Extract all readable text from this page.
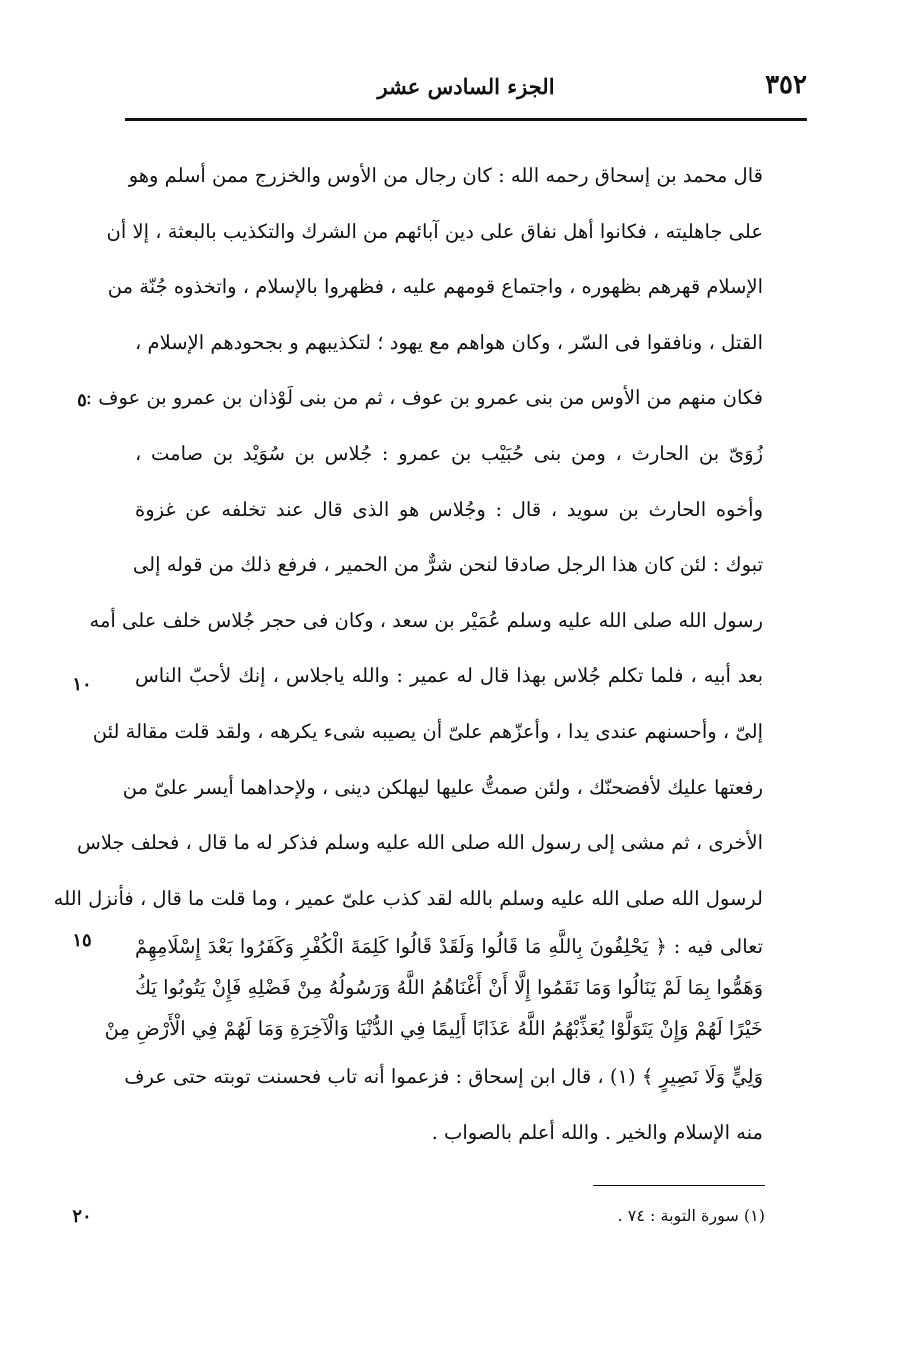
٣٥٢
الجزء السادس عشر
قال محمد بن إسحاق رحمه الله : كان رجال من الأوس والخزرج ممن أسلم وهو
على جاهليته ، فكانوا أهل نفاق على دين آبائهم من الشرك والتكذيب بالبعثة ، إلا أن
الإسلام قهرهم بظهوره ، واجتماع قومهم عليه ، فظهروا بالإسلام ، واتخذوه جُنّة من
القتل ، ونافقوا فى السّر ، وكان هواهم مع يهود ؛ لتكذيبهم و بجحودهم الإسلام ،
فكان منهم من الأوس من بنى عمرو بن عوف ، ثم من بنى لَوْذان بن عمرو بن عوف :
زُوَىّ بن الحارث ، ومن بنى حُبَيْب بن عمرو : جُلاس بن سُوَيْد بن صامت ،
وأخوه الحارث بن سويد ، قال : وجُلاس هو الذى قال عند تخلفه عن غزوة
تبوك : لئن كان هذا الرجل صادقا لنحن شرٌّ من الحمير ، فرفع ذلك من قوله إلى
رسول الله صلى الله عليه وسلم عُمَيْر بن سعد ، وكان فى حجر جُلاس خلف على أمه
بعد أبيه ، فلما تكلم جُلاس بهذا قال له عمير : والله ياجلاس ، إنك لأحبّ الناس
إلىّ ، وأحسنهم عندى يدا ، وأعزّهم علىّ أن يصيبه شىء يكرهه ، ولقد قلت مقالة لئن
رفعتها عليك لأفضحنّك ، ولئن صمتُّ عليها ليهلكن دينى ، ولإحداهما أيسر علىّ من
الأخرى ، ثم مشى إلى رسول الله صلى الله عليه وسلم فذكر له ما قال ، فحلف جلاس
لرسول الله صلى الله عليه وسلم بالله لقد كذب علىّ عمير ، وما قلت ما قال ، فأنزل الله
تعالى فيه : ﴿ يَحْلِفُونَ بِاللَّهِ مَا قَالُوا وَلَقَدْ قَالُوا كَلِمَةَ الْكُفْرِ وَكَفَرُوا بَعْدَ إِسْلَامِهِمْ
وَهَمُّوا بِمَا لَمْ يَنَالُوا وَمَا نَقَمُوا إِلَّا أَنْ أَغْنَاهُمُ اللَّهُ وَرَسُولُهُ مِنْ فَضْلِهِ فَإِنْ يَتُوبُوا يَكُ
خَيْرًا لَهُمْ وَإِنْ يَتَوَلَّوْا يُعَذِّبْهُمُ اللَّهُ عَذَابًا أَلِيمًا فِي الدُّنْيَا وَالْآخِرَةِ وَمَا لَهُمْ فِي الْأَرْضِ مِنْ
وَلِيٍّ وَلَا نَصِيرٍ ﴾ (١) ، قال ابن إسحاق : فزعموا أنه تاب فحسنت توبته حتى عرف
منه الإسلام والخير . والله أعلم بالصواب .
٥
١٠
١٥
٢٠	(١) سورة التوبة : ٧٤ .
